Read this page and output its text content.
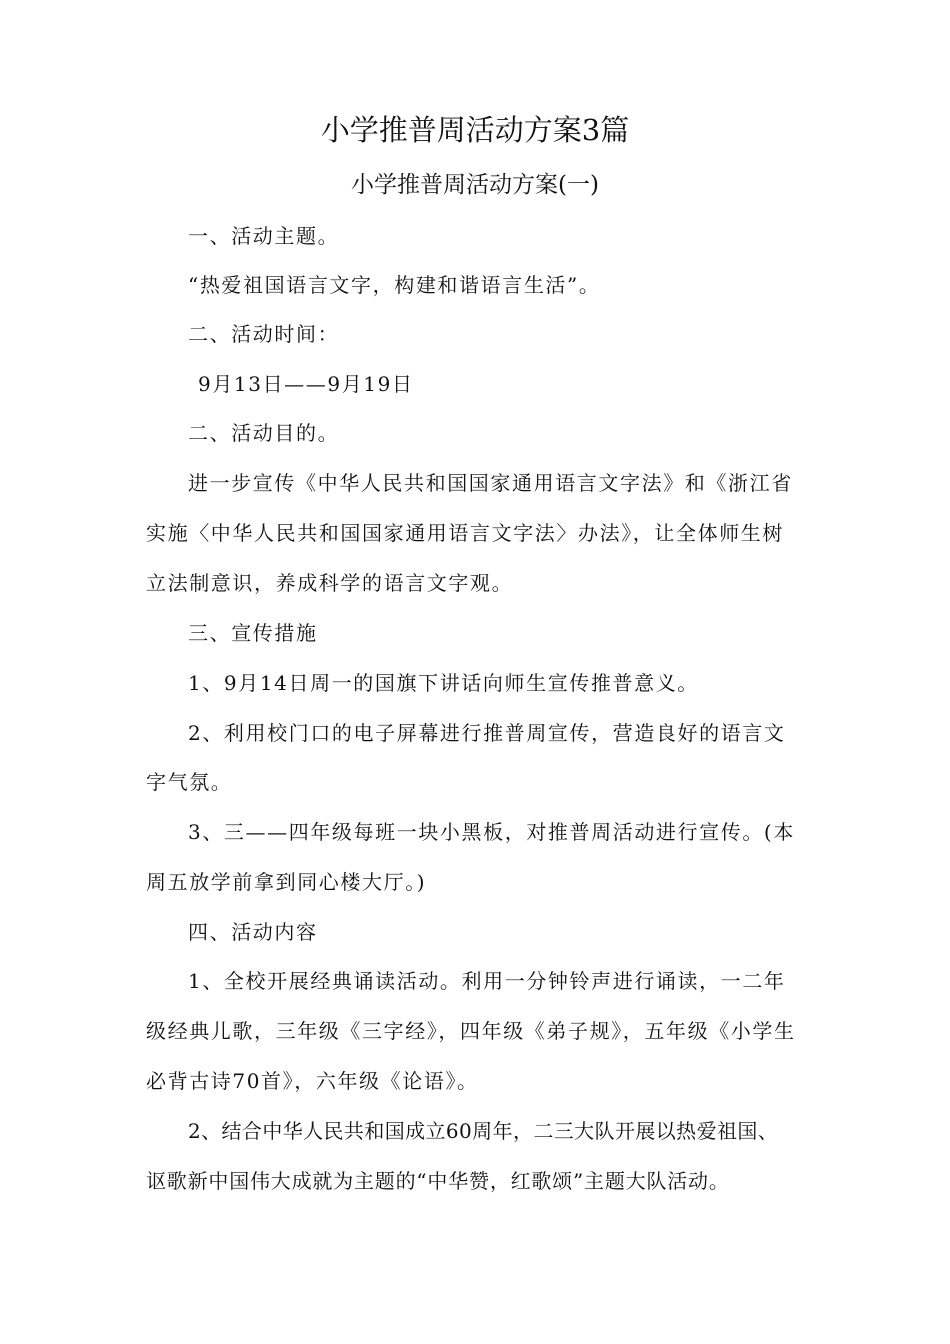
小学推普周活动方案3篇
小学推普周活动方案(一)
一、活动主题。
“热爱祖国语言文字，构建和谐语言生活”。
二、活动时间：
9月13日——9月19日
二、活动目的。
进一步宣传《中华人民共和国国家通用语言文字法》和《浙江省
实施〈中华人民共和国国家通用语言文字法〉办法》，让全体师生树
立法制意识，养成科学的语言文字观。
三、宣传措施
1、9月14日周一的国旗下讲话向师生宣传推普意义。
2、利用校门口的电子屏幕进行推普周宣传，营造良好的语言文
字气氛。
3、三——四年级每班一块小黑板，对推普周活动进行宣传。(本
周五放学前拿到同心楼大厅。)
四、活动内容
1、全校开展经典诵读活动。利用一分钟铃声进行诵读，一二年
级经典儿歌，三年级《三字经》，四年级《弟子规》，五年级《小学生
必背古诗70首》，六年级《论语》。
2、结合中华人民共和国成立60周年，二三大队开展以热爱祖国、
讴歌新中国伟大成就为主题的“中华赞，红歌颂”主题大队活动。
